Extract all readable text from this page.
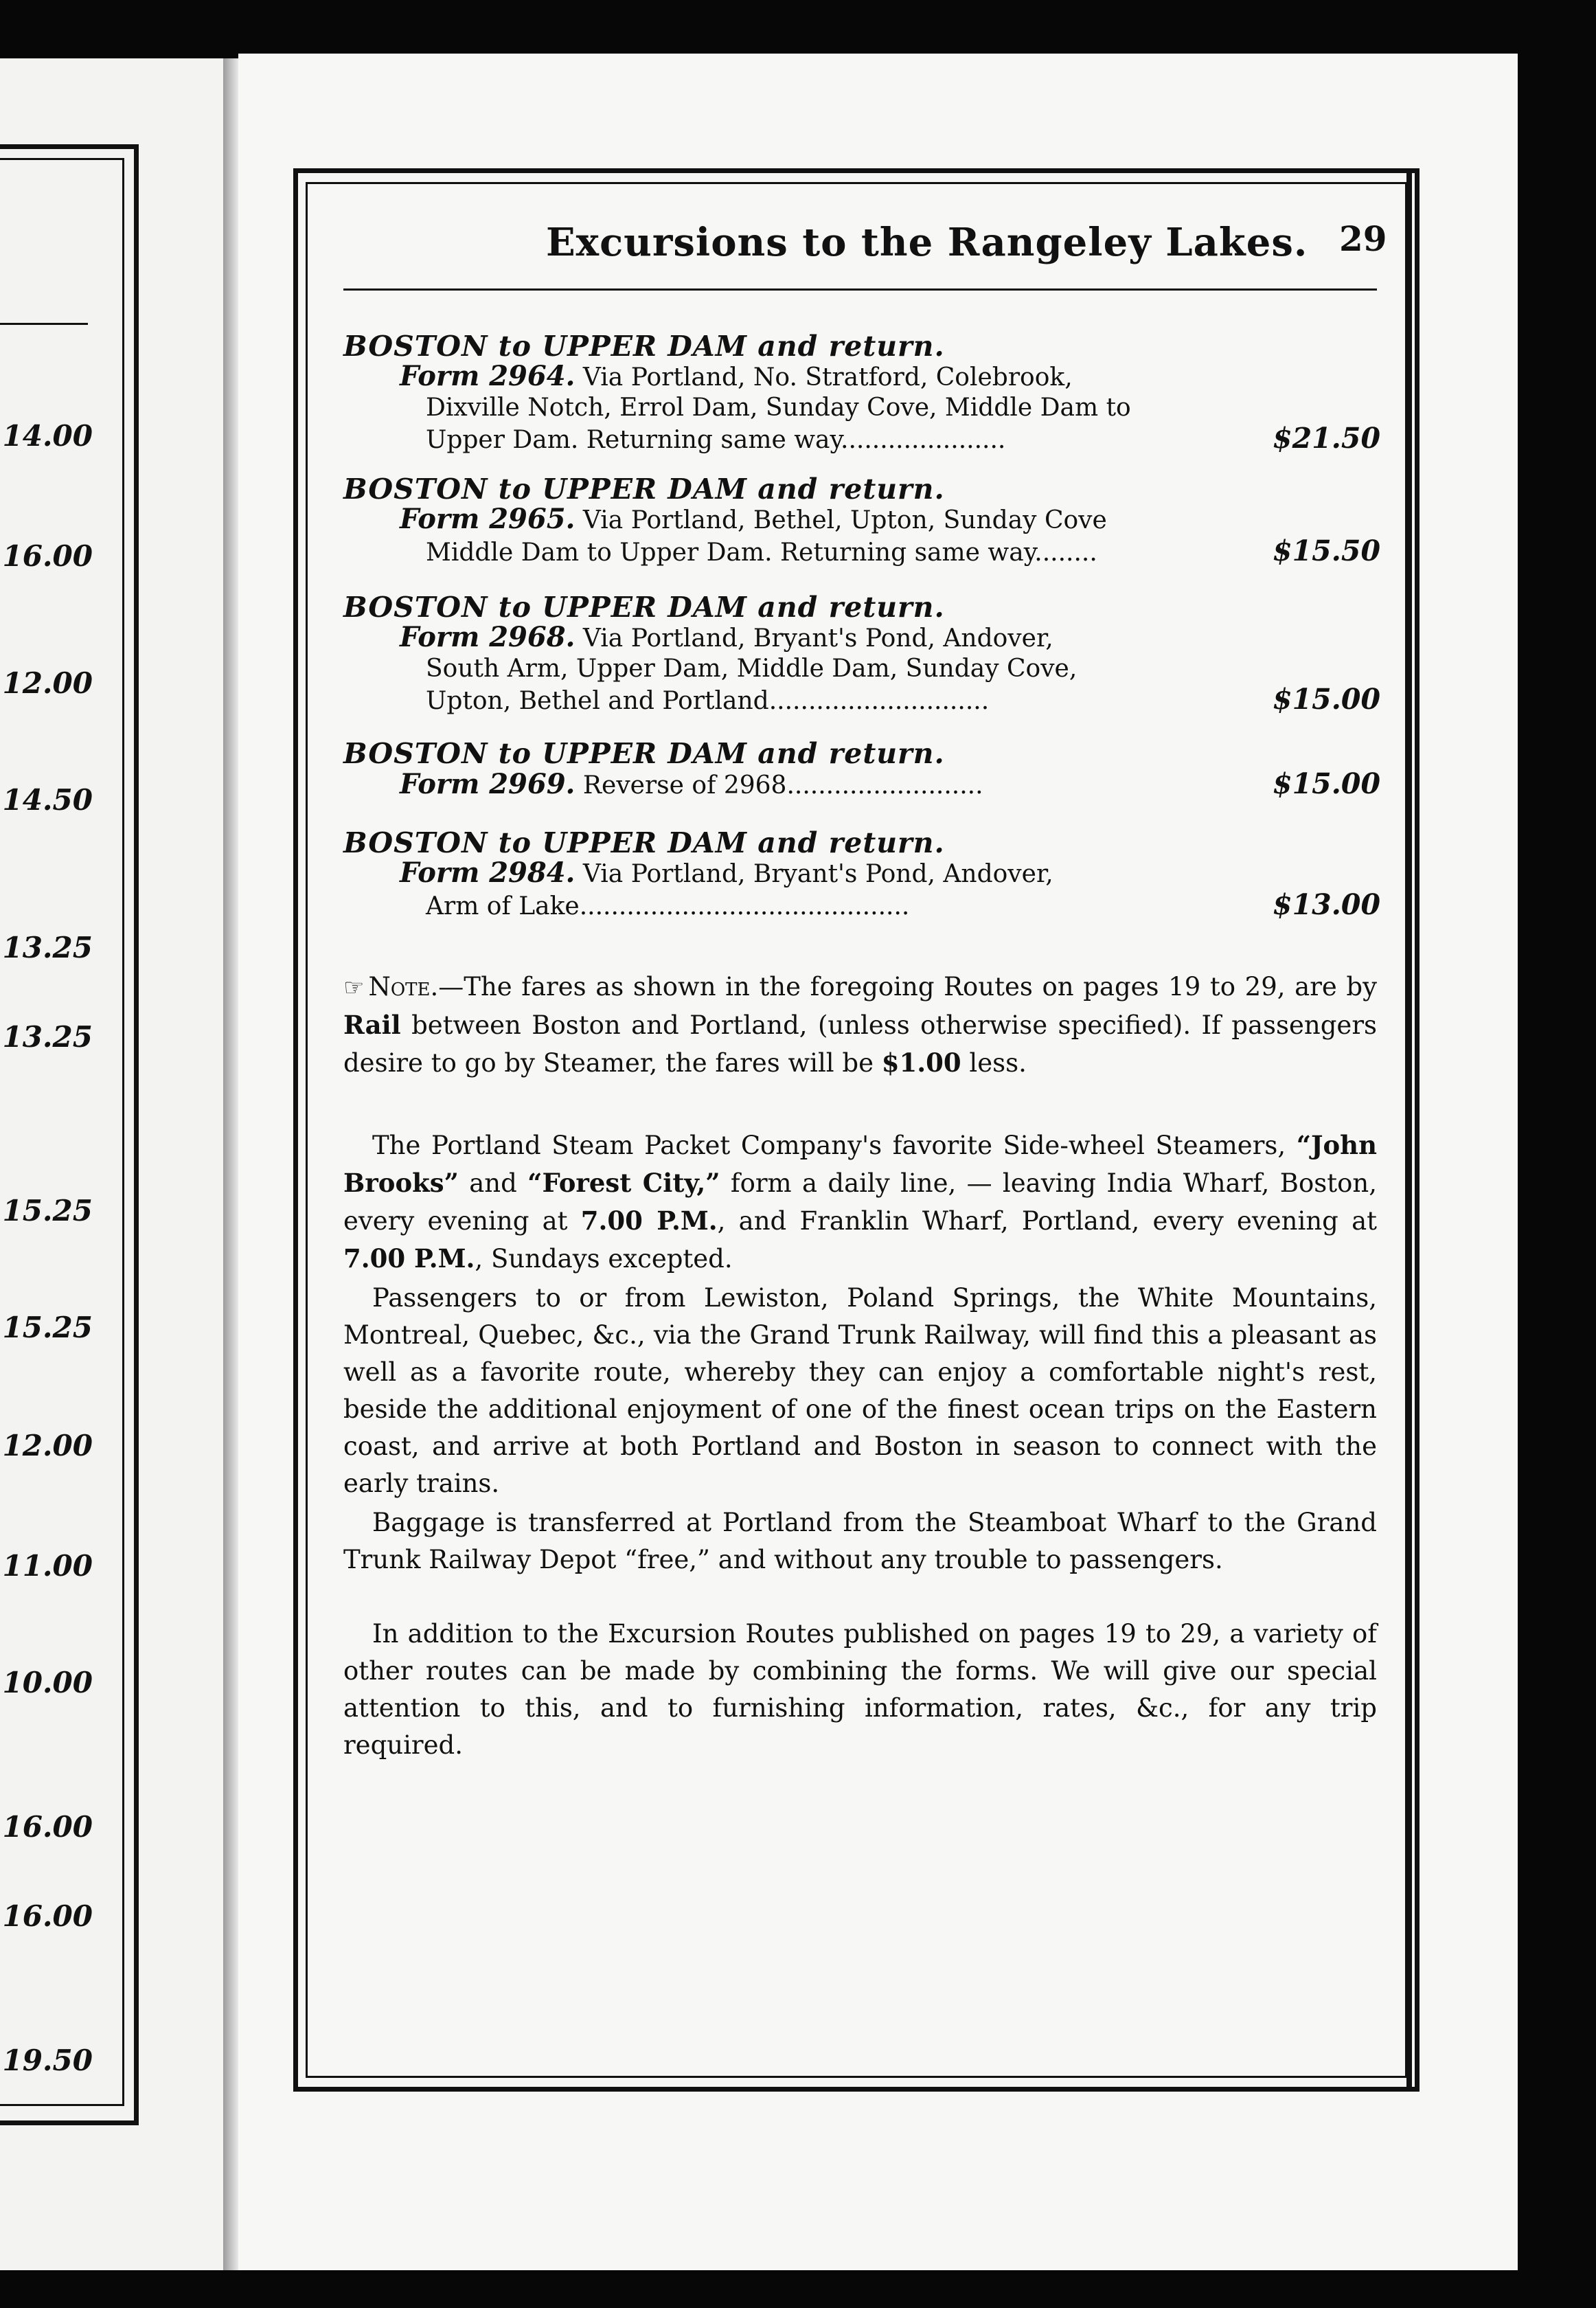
14.00
16.00
12.00
14.50
13.25
13.25
15.25
15.25
12.00
11.00
10.00
16.00
16.00
19.50
Excursions to the Rangeley Lakes. 29
BOSTON to UPPER DAM and return.
Form 2964. Via Portland, No. Stratford, Colebrook,
Dixville Notch, Errol Dam, Sunday Cove, Middle Dam to
Upper Dam. Returning same way.....................	$21.50
BOSTON to UPPER DAM and return.
Form 2965. Via Portland, Bethel, Upton, Sunday Cove
Middle Dam to Upper Dam. Returning same way........	$15.50
BOSTON to UPPER DAM and return.
Form 2968. Via Portland, Bryant's Pond, Andover,
South Arm, Upper Dam, Middle Dam, Sunday Cove,
Upton, Bethel and Portland............................	$15.00
BOSTON to UPPER DAM and return.
Form 2969. Reverse of 2968.........................	$15.00
BOSTON to UPPER DAM and return.
Form 2984. Via Portland, Bryant's Pond, Andover,
Arm of Lake..........................................	$13.00
☞ Note.—The fares as shown in the foregoing Routes on pages 19 to 29, are by Rail between Boston and Portland, (unless otherwise specified). If passengers desire to go by Steamer, the fares will be $1.00 less.
The Portland Steam Packet Company's favorite Side-wheel Steamers, “John Brooks” and “Forest City,” form a daily line, — leaving India Wharf, Boston, every evening at 7.00 P.M., and Franklin Wharf, Portland, every evening at 7.00 P.M., Sundays excepted.
Passengers to or from Lewiston, Poland Springs, the White Mountains, Montreal, Quebec, &c., via the Grand Trunk Railway, will find this a pleasant as well as a favorite route, whereby they can enjoy a comfortable night's rest, beside the additional enjoyment of one of the finest ocean trips on the Eastern coast, and arrive at both Portland and Boston in season to connect with the early trains.
Baggage is transferred at Portland from the Steamboat Wharf to the Grand Trunk Railway Depot “free,” and without any trouble to passengers.
In addition to the Excursion Routes published on pages 19 to 29, a variety of other routes can be made by combining the forms. We will give our special attention to this, and to furnishing information, rates, &c., for any trip required.
